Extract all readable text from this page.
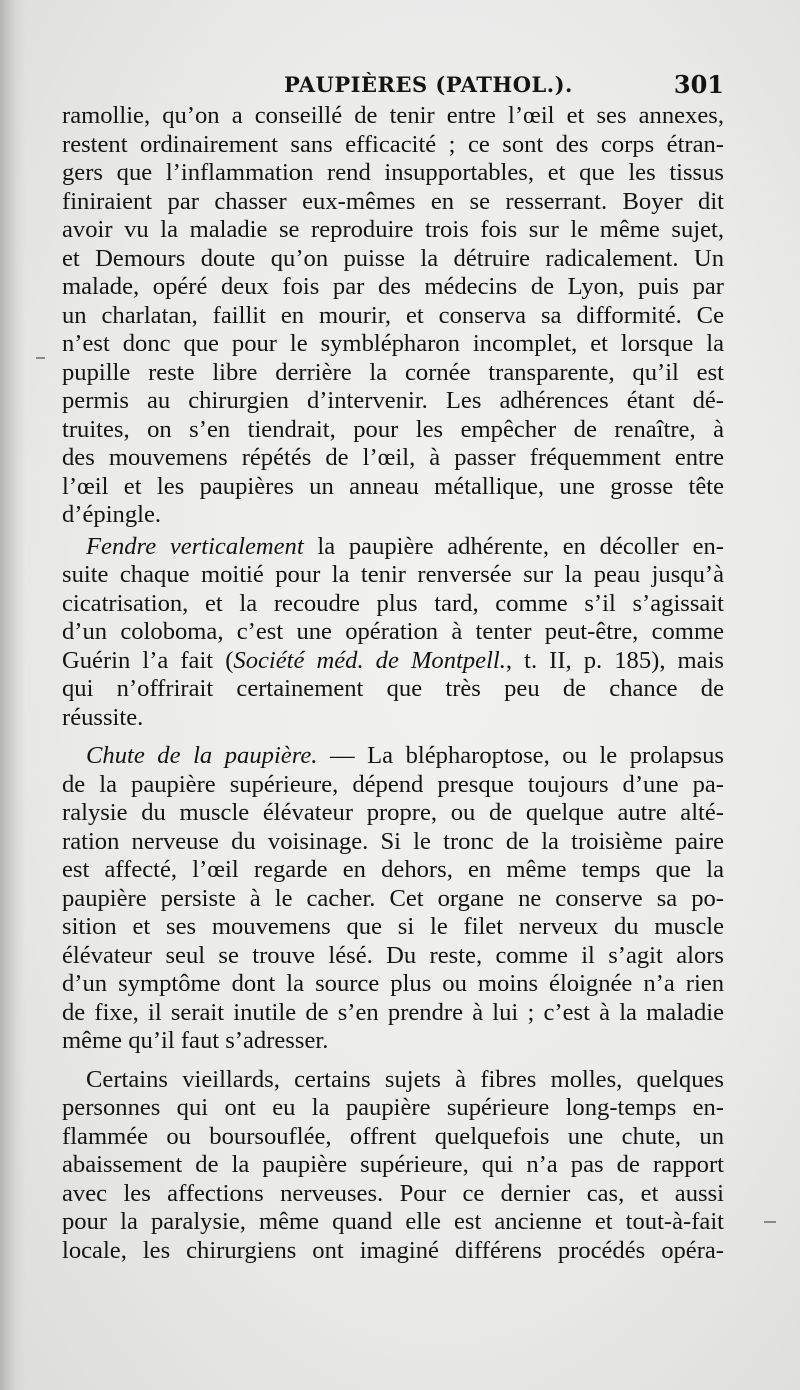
PAUPIÈRES (PATHOL.).	301
ramollie, qu’on a conseillé de tenir entre l’œil et ses annexes,
restent ordinairement sans efficacité ; ce sont des corps étran-
gers que l’inflammation rend insupportables, et que les tissus
finiraient par chasser eux-mêmes en se resserrant. Boyer dit
avoir vu la maladie se reproduire trois fois sur le même sujet,
et Demours doute qu’on puisse la détruire radicalement. Un
malade, opéré deux fois par des médecins de Lyon, puis par
un charlatan, faillit en mourir, et conserva sa difformité. Ce
n’est donc que pour le symblépharon incomplet, et lorsque la
pupille reste libre derrière la cornée transparente, qu’il est
permis au chirurgien d’intervenir. Les adhérences étant dé-
truites, on s’en tiendrait, pour les empêcher de renaître, à
des mouvemens répétés de l’œil, à passer fréquemment entre
l’œil et les paupières un anneau métallique, une grosse tête
d’épingle.
Fendre verticalement la paupière adhérente, en décoller en-
suite chaque moitié pour la tenir renversée sur la peau jusqu’à
cicatrisation, et la recoudre plus tard, comme s’il s’agissait
d’un coloboma, c’est une opération à tenter peut-être, comme
Guérin l’a fait (Société méd. de Montpell., t. II, p. 185), mais
qui n’offrirait certainement que très peu de chance de
réussite.
Chute de la paupière. — La blépharoptose, ou le prolapsus
de la paupière supérieure, dépend presque toujours d’une pa-
ralysie du muscle élévateur propre, ou de quelque autre alté-
ration nerveuse du voisinage. Si le tronc de la troisième paire
est affecté, l’œil regarde en dehors, en même temps que la
paupière persiste à le cacher. Cet organe ne conserve sa po-
sition et ses mouvemens que si le filet nerveux du muscle
élévateur seul se trouve lésé. Du reste, comme il s’agit alors
d’un symptôme dont la source plus ou moins éloignée n’a rien
de fixe, il serait inutile de s’en prendre à lui ; c’est à la maladie
même qu’il faut s’adresser.
Certains vieillards, certains sujets à fibres molles, quelques
personnes qui ont eu la paupière supérieure long-temps en-
flammée ou boursouflée, offrent quelquefois une chute, un
abaissement de la paupière supérieure, qui n’a pas de rapport
avec les affections nerveuses. Pour ce dernier cas, et aussi
pour la paralysie, même quand elle est ancienne et tout-à-fait
locale, les chirurgiens ont imaginé différens procédés opéra-
